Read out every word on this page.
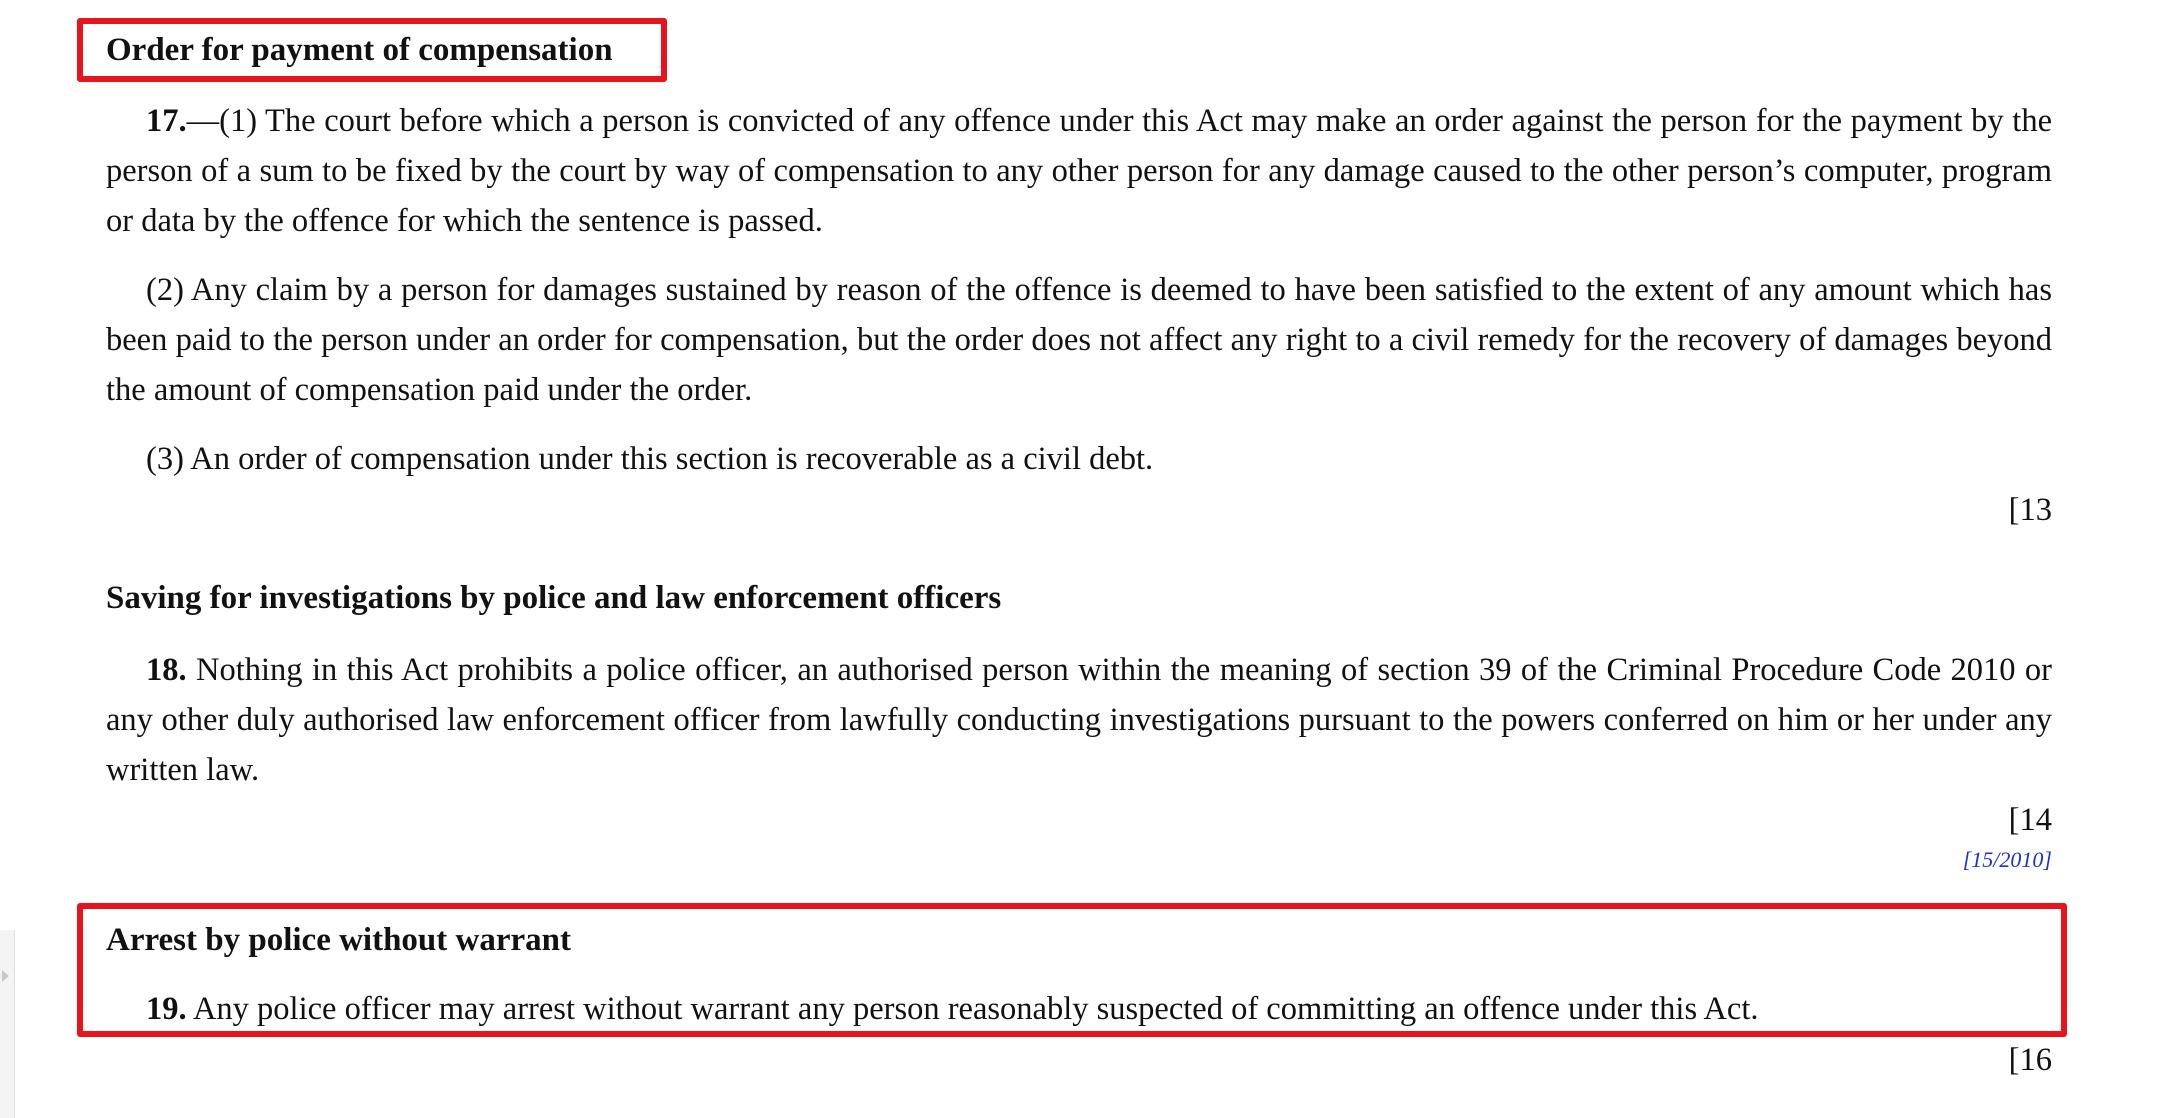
Order for payment of compensation
17.—(1) The court before which a person is convicted of any offence under this Act may make an order against the person for the payment by the person of a sum to be fixed by the court by way of compensation to any other person for any damage caused to the other person’s computer, program or data by the offence for which the sentence is passed.
(2) Any claim by a person for damages sustained by reason of the offence is deemed to have been satisfied to the extent of any amount which has been paid to the person under an order for compensation, but the order does not affect any right to a civil remedy for the recovery of damages beyond the amount of compensation paid under the order.
(3) An order of compensation under this section is recoverable as a civil debt.
[13
Saving for investigations by police and law enforcement officers
18. Nothing in this Act prohibits a police officer, an authorised person within the meaning of section 39 of the Criminal Procedure Code 2010 or any other duly authorised law enforcement officer from lawfully conducting investigations pursuant to the powers conferred on him or her under any written law.
[14
[15/2010]
Arrest by police without warrant
19. Any police officer may arrest without warrant any person reasonably suspected of committing an offence under this Act.
[16
